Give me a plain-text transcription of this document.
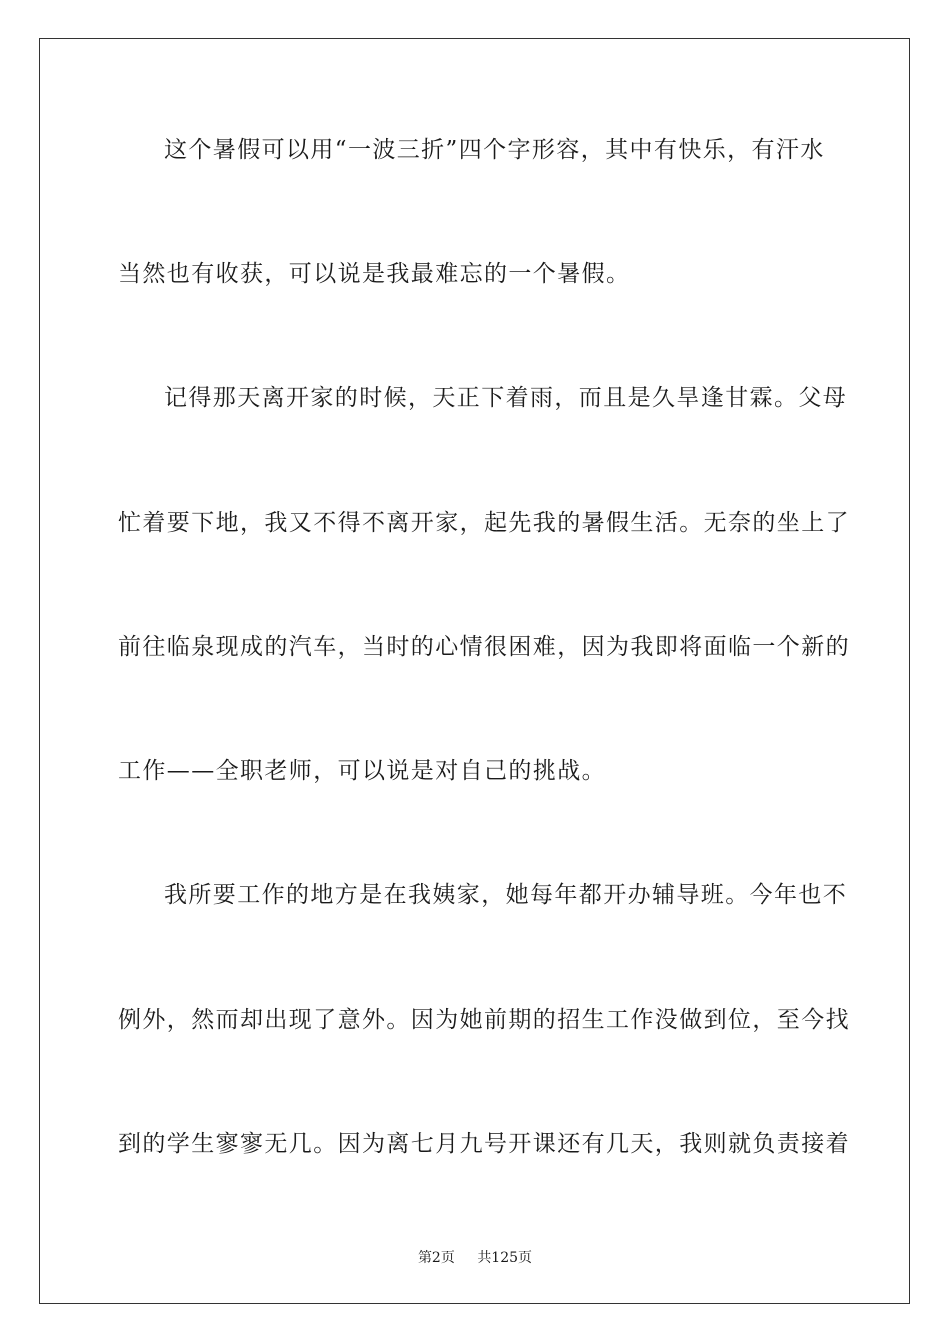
这个暑假可以用“一波三折”四个字形容，其中有快乐，有汗水
当然也有收获，可以说是我最难忘的一个暑假。
记得那天离开家的时候，天正下着雨，而且是久旱逢甘霖。父母
忙着要下地，我又不得不离开家，起先我的暑假生活。无奈的坐上了
前往临泉现成的汽车，当时的心情很困难，因为我即将面临一个新的
工作——全职老师，可以说是对自己的挑战。
我所要工作的地方是在我姨家，她每年都开办辅导班。今年也不
例外，然而却出现了意外。因为她前期的招生工作没做到位，至今找
到的学生寥寥无几。因为离七月九号开课还有几天，我则就负责接着
第2页 共125页
